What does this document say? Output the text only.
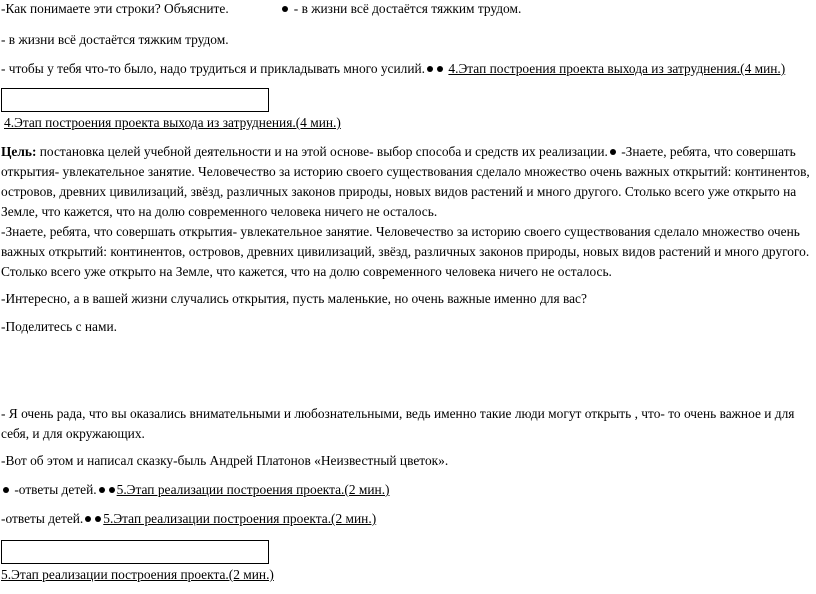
-Как понимаете эти строки? Объясните.	- в жизни всё достаётся тяжким трудом.
- в жизни всё достаётся тяжким трудом.
- чтобы у тебя что-то было, надо трудиться и прикладывать много усилий. 4.Этап построения проекта выхода из затруднения.(4 мин.)
4.Этап построения проекта выхода из затруднения.(4 мин.)
Цель: постановка целей учебной деятельности и на этой основе- выбор способа и средств их реализации. -Знаете, ребята, что совершать открытия- увлекательное занятие. Человечество за историю своего существования сделало множество очень важных открытий: континентов, островов, древних цивилизаций, звёзд, различных законов природы, новых видов растений и много другого. Столько всего уже открыто на Земле, что кажется, что на долю современного человека ничего не осталось.
-Знаете, ребята, что совершать открытия- увлекательное занятие. Человечество за историю своего существования сделало множество очень важных открытий: континентов, островов, древних цивилизаций, звёзд, различных законов природы, новых видов растений и много другого. Столько всего уже открыто на Земле, что кажется, что на долю современного человека ничего не осталось.
-Интересно, а в вашей жизни случались открытия, пусть маленькие, но очень важные именно для вас?
-Поделитесь с нами.
- Я очень рада, что вы оказались внимательными и любознательными, ведь именно такие люди могут открыть , что- то очень важное и для себя, и для окружающих.
-Вот об этом и написал сказку-быль Андрей Платонов «Неизвестный цветок».
-ответы детей. 5.Этап реализации построения проекта.(2 мин.)
-ответы детей. 5.Этап реализации построения проекта.(2 мин.)
5.Этап реализации построения проекта.(2 мин.)
